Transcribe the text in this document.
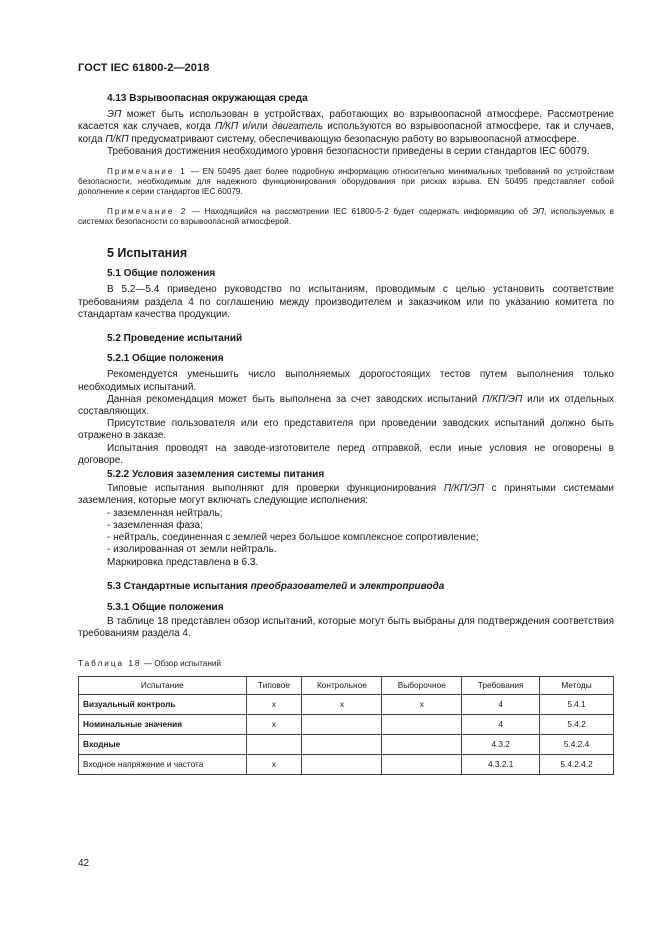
ГОСТ IEC 61800-2—2018
4.13 Взрывоопасная окружающая среда

ЭП может быть использован в устройствах, работающих во взрывоопасной атмосфере. Рассмотрение касается как случаев, когда П/КП и/или двигатель используются во взрывоопасной атмосфере, так и случаев, когда П/КП предусматривают систему, обеспечивающую безопасную работу во взрывоопасной атмосфере.

Требования достижения необходимого уровня безопасности приведены в серии стандартов IEC 60079.

Примечание 1 — EN 50495 дает более подробную информацию относительно минимальных требований по устройствам безопасности, необходимым для надежного функционирования оборудования при рисках взрыва. EN 50495 представляет собой дополнение к серии стандартов IEC 60079.

Примечание 2 — Находящийся на рассмотрении IEC 61800-5-2 будет содержать информацию об ЭП, используемых в системах безопасности со взрывоопасной атмосферой.

5 Испытания
5.1 Общие положения

В 5.2—5.4 приведено руководство по испытаниям, проводимым с целью установить соответствие требованиям раздела 4 по соглашению между производителем и заказчиком или по указанию комитета по стандартам качества продукции.

5.2 Проведение испытаний
5.2.1 Общие положения

Рекомендуется уменьшить число выполняемых дорогостоящих тестов путем выполнения только необходимых испытаний.

Данная рекомендация может быть выполнена за счет заводских испытаний П/КП/ЭП или их отдельных составляющих.

Присутствие пользователя или его представителя при проведении заводских испытаний должно быть отражено в заказе.

Испытания проводят на заводе-изготовителе перед отправкой, если иные условия не оговорены в договоре.

5.2.2 Условия заземления системы питания

Типовые испытания выполняют для проверки функционирования П/КП/ЭП с принятыми системами заземления, которые могут включать следующие исполнения:

- заземленная нейтраль;
- заземленная фаза;
- нейтраль, соединенная с землей через большое комплексное сопротивление;
- изолированная от земли нейтраль.

Маркировка представлена в 6.3.

5.3 Стандартные испытания преобразователей и электропривода
5.3.1 Общие положения

В таблице 18 представлен обзор испытаний, которые могут быть выбраны для подтверждения соответствия требованиям раздела 4.

Таблица 18 — Обзор испытаний
Испытание	Типовое	Контрольное	Выборочное	Требования	Методы
Визуальный контроль	x	x	x	4	5.4.1
Номинальные значения	x			4	5.4.2
Входные				4.3.2	5.4.2.4
Входное напряжение и частота	x			4.3.2.1	5.4.2.4.2
42
